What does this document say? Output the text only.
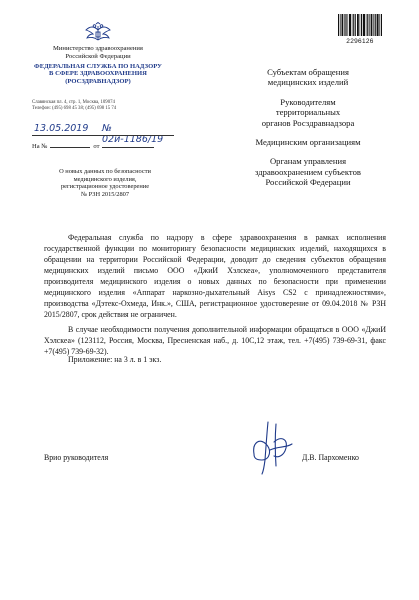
2296126
Министерство здравоохранения
Российской Федерации
ФЕДЕРАЛЬНАЯ СЛУЖБА ПО НАДЗОРУ
В СФЕРЕ ЗДРАВООХРАНЕНИЯ
(РОСЗДРАВНАДЗОР)
Славянская пл. 4, стр. 1, Москва, 109074
Телефон: (495) 698 45 38; (495) 698 15 74
13.05.2019 № 02и-1186/19
На №	от
О новых данных по безопасности
медицинского изделия,
регистрационное удостоверение
№ РЗН 2015/2807
Субъектам обращения
медицинских изделий
Руководителям
территориальных
органов Росздравнадзора
Медицинским организациям
Органам управления
здравоохранением субъектов
Российской Федерации

Федеральная служба по надзору в сфере здравоохранения в рамках исполнения государственной функции по мониторингу безопасности медицинских изделий, находящихся в обращении на территории Российской Федерации, доводит до сведения субъектов обращения медицинских изделий письмо ООО «ДжиИ Хэлскеа», уполномоченного представителя производителя медицинского изделия о новых данных по безопасности при применении медицинского изделия «Аппарат наркозно-дыхательный Aisys CS2 с принадлежностями», производства «Дэтекс-Охмеда, Инк.», США, регистрационное удостоверение от 09.04.2018 № РЗН 2015/2807, срок действия не ограничен.

В случае необходимости получения дополнительной информации обращаться в ООО «ДжиИ Хэлскеа» (123112, Россия, Москва, Пресненская наб., д. 10С,12 этаж, тел. +7(495) 739-69-31, факс +7(495) 739-69-32).

Приложение: на 3 л. в 1 экз.
Врио руководителя	Д.В. Пархоменко
